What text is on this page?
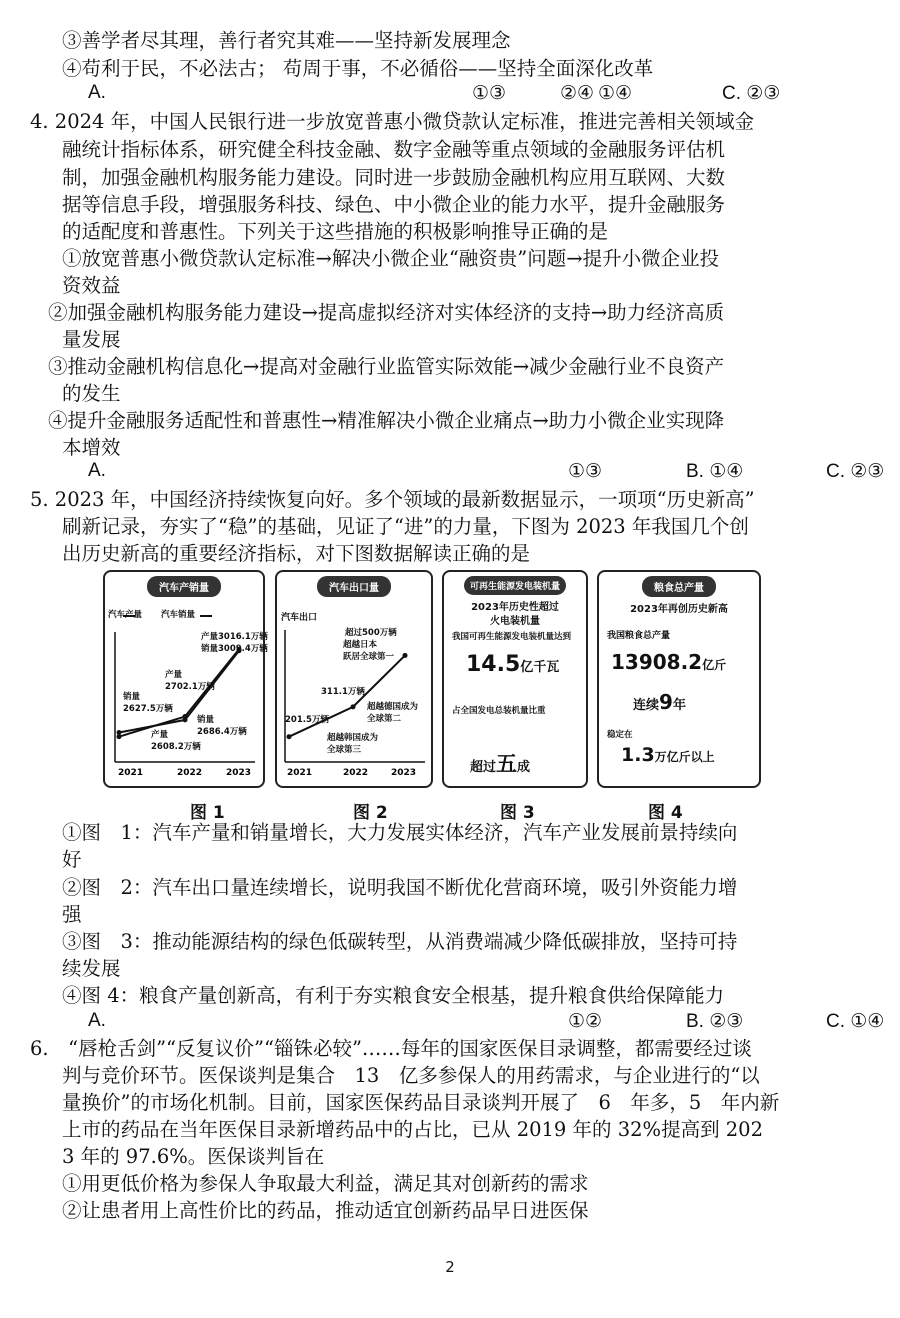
③善学者尽其理，善行者究其难——坚持新发展理念
④苟利于民，不必法古； 苟周于事，不必循俗——坚持全面深化改革
A.	①③	②④ ①④	C. ②③
4. 2024 年，中国人民银行进一步放宽普惠小微贷款认定标准，推进完善相关领域金
融统计指标体系，研究健全科技金融、数字金融等重点领域的金融服务评估机
制，加强金融机构服务能力建设。同时进一步鼓励金融机构应用互联网、大数
据等信息手段，增强服务科技、绿色、中小微企业的能力水平，提升金融服务
的适配度和普惠性。下列关于这些措施的积极影响推导正确的是
①放宽普惠小微贷款认定标准→解决小微企业“融资贵”问题→提升小微企业投
资效益
②加强金融机构服务能力建设→提高虚拟经济对实体经济的支持→助力经济高质
量发展
③推动金融机构信息化→提高对金融行业监管实际效能→减少金融行业不良资产
的发生
④提升金融服务适配性和普惠性→精准解决小微企业痛点→助力小微企业实现降
本增效
A.	①③	B. ①④	C. ②③
5. 2023 年，中国经济持续恢复向好。多个领域的最新数据显示，一项项“历史新高”
刷新记录，夯实了“稳”的基础，见证了“进”的力量，下图为 2023 年我国几个创
出历史新高的重要经济指标，对下图数据解读正确的是
汽车产销量
2021	2022	2023
汽车产量 汽车销量
产量3016.1万辆
销量3009.4万辆
产量
2702.1万辆
销量
2627.5万辆
销量
2686.4万辆
产量
2608.2万辆
汽车出口量
2021	2022	2023
汽车出口
超过500万辆
超越日本
跃居全球第一
311.1万辆
超越德国成为
全球第二
201.5万辆
超越韩国成为
全球第三
可再生能源发电装机量
2023年历史性超过
火电装机量
我国可再生能源发电装机量达到
14.5亿千瓦
占全国发电总装机量比重
超过五成
粮食总产量
2023年再创历史新高
我国粮食总产量
13908.2亿斤
连续9年
稳定在
1.3万亿斤以上
图 1	图 2	图 3	图 4
①图　1：汽车产量和销量增长，大力发展实体经济，汽车产业发展前景持续向
好
②图　2：汽车出口量连续增长，说明我国不断优化营商环境，吸引外资能力增
强
③图　3：推动能源结构的绿色低碳转型，从消费端减少降低碳排放，坚持可持
续发展
④图 4：粮食产量创新高，有利于夯实粮食安全根基，提升粮食供给保障能力
A.	①②	B. ②③	C. ①④
6.　“唇枪舌剑”“反复议价”“锱铢必较”……每年的国家医保目录调整，都需要经过谈
判与竞价环节。医保谈判是集合　13　亿多参保人的用药需求，与企业进行的“以
量换价”的市场化机制。目前，国家医保药品目录谈判开展了　6　年多，5　年内新
上市的药品在当年医保目录新增药品中的占比，已从 2019 年的 32%提高到 202
3 年的 97.6%。医保谈判旨在
①用更低价格为参保人争取最大利益，满足其对创新药的需求
②让患者用上高性价比的药品，推动适宜创新药品早日进医保
2
